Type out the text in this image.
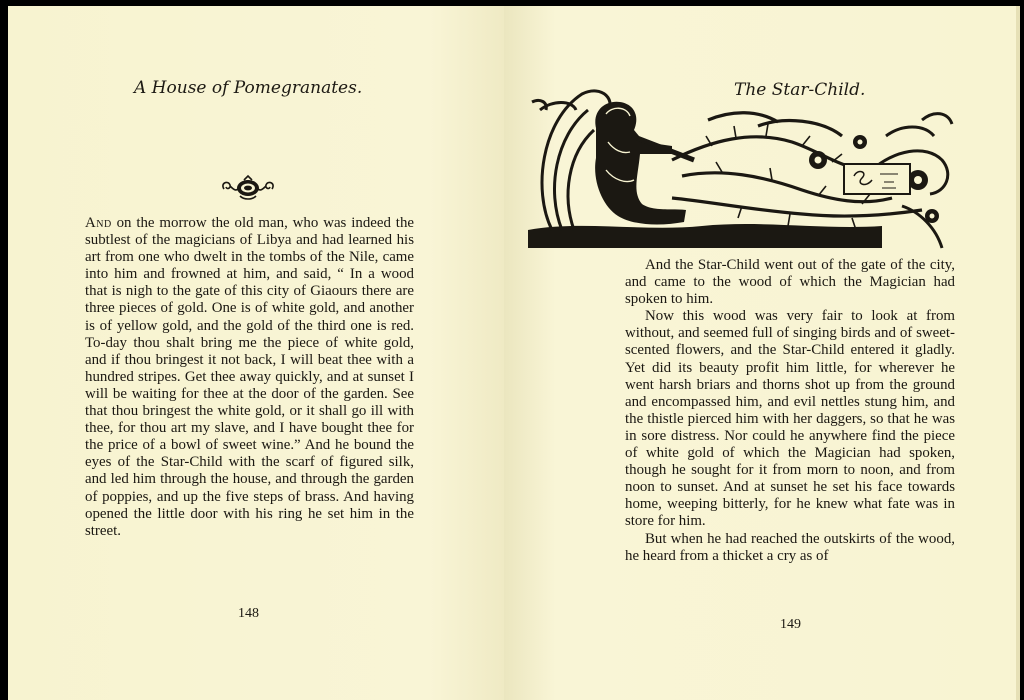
A House of Pomegranates.

And on the morrow the old man, who was indeed the subtlest of the magicians of Libya and had learned his art from one who dwelt in the tombs of the Nile, came into him and frowned at him, and said, “ In a wood that is nigh to the gate of this city of Giaours there are three pieces of gold. One is of white gold, and another is of yellow gold, and the gold of the third one is red. To-day thou shalt bring me the piece of white gold, and if thou bringest it not back, I will beat thee with a hundred stripes. Get thee away quickly, and at sunset I will be waiting for thee at the door of the garden. See that thou bringest the white gold, or it shall go ill with thee, for thou art my slave, and I have bought thee for the price of a bowl of sweet wine.” And he bound the eyes of the Star-Child with the scarf of figured silk, and led him through the house, and through the garden of poppies, and up the five steps of brass. And having opened the little door with his ring he set him in the street.

148
The Star-Child.

And the Star-Child went out of the gate of the city, and came to the wood of which the Magician had spoken to him.

Now this wood was very fair to look at from without, and seemed full of singing birds and of sweet-scented flowers, and the Star-Child entered it gladly. Yet did its beauty profit him little, for wherever he went harsh briars and thorns shot up from the ground and encompassed him, and evil nettles stung him, and the thistle pierced him with her daggers, so that he was in sore distress. Nor could he anywhere find the piece of white gold of which the Magician had spoken, though he sought for it from morn to noon, and from noon to sunset. And at sunset he set his face towards home, weeping bitterly, for he knew what fate was in store for him.

But when he had reached the outskirts of the wood, he heard from a thicket a cry as of

149
